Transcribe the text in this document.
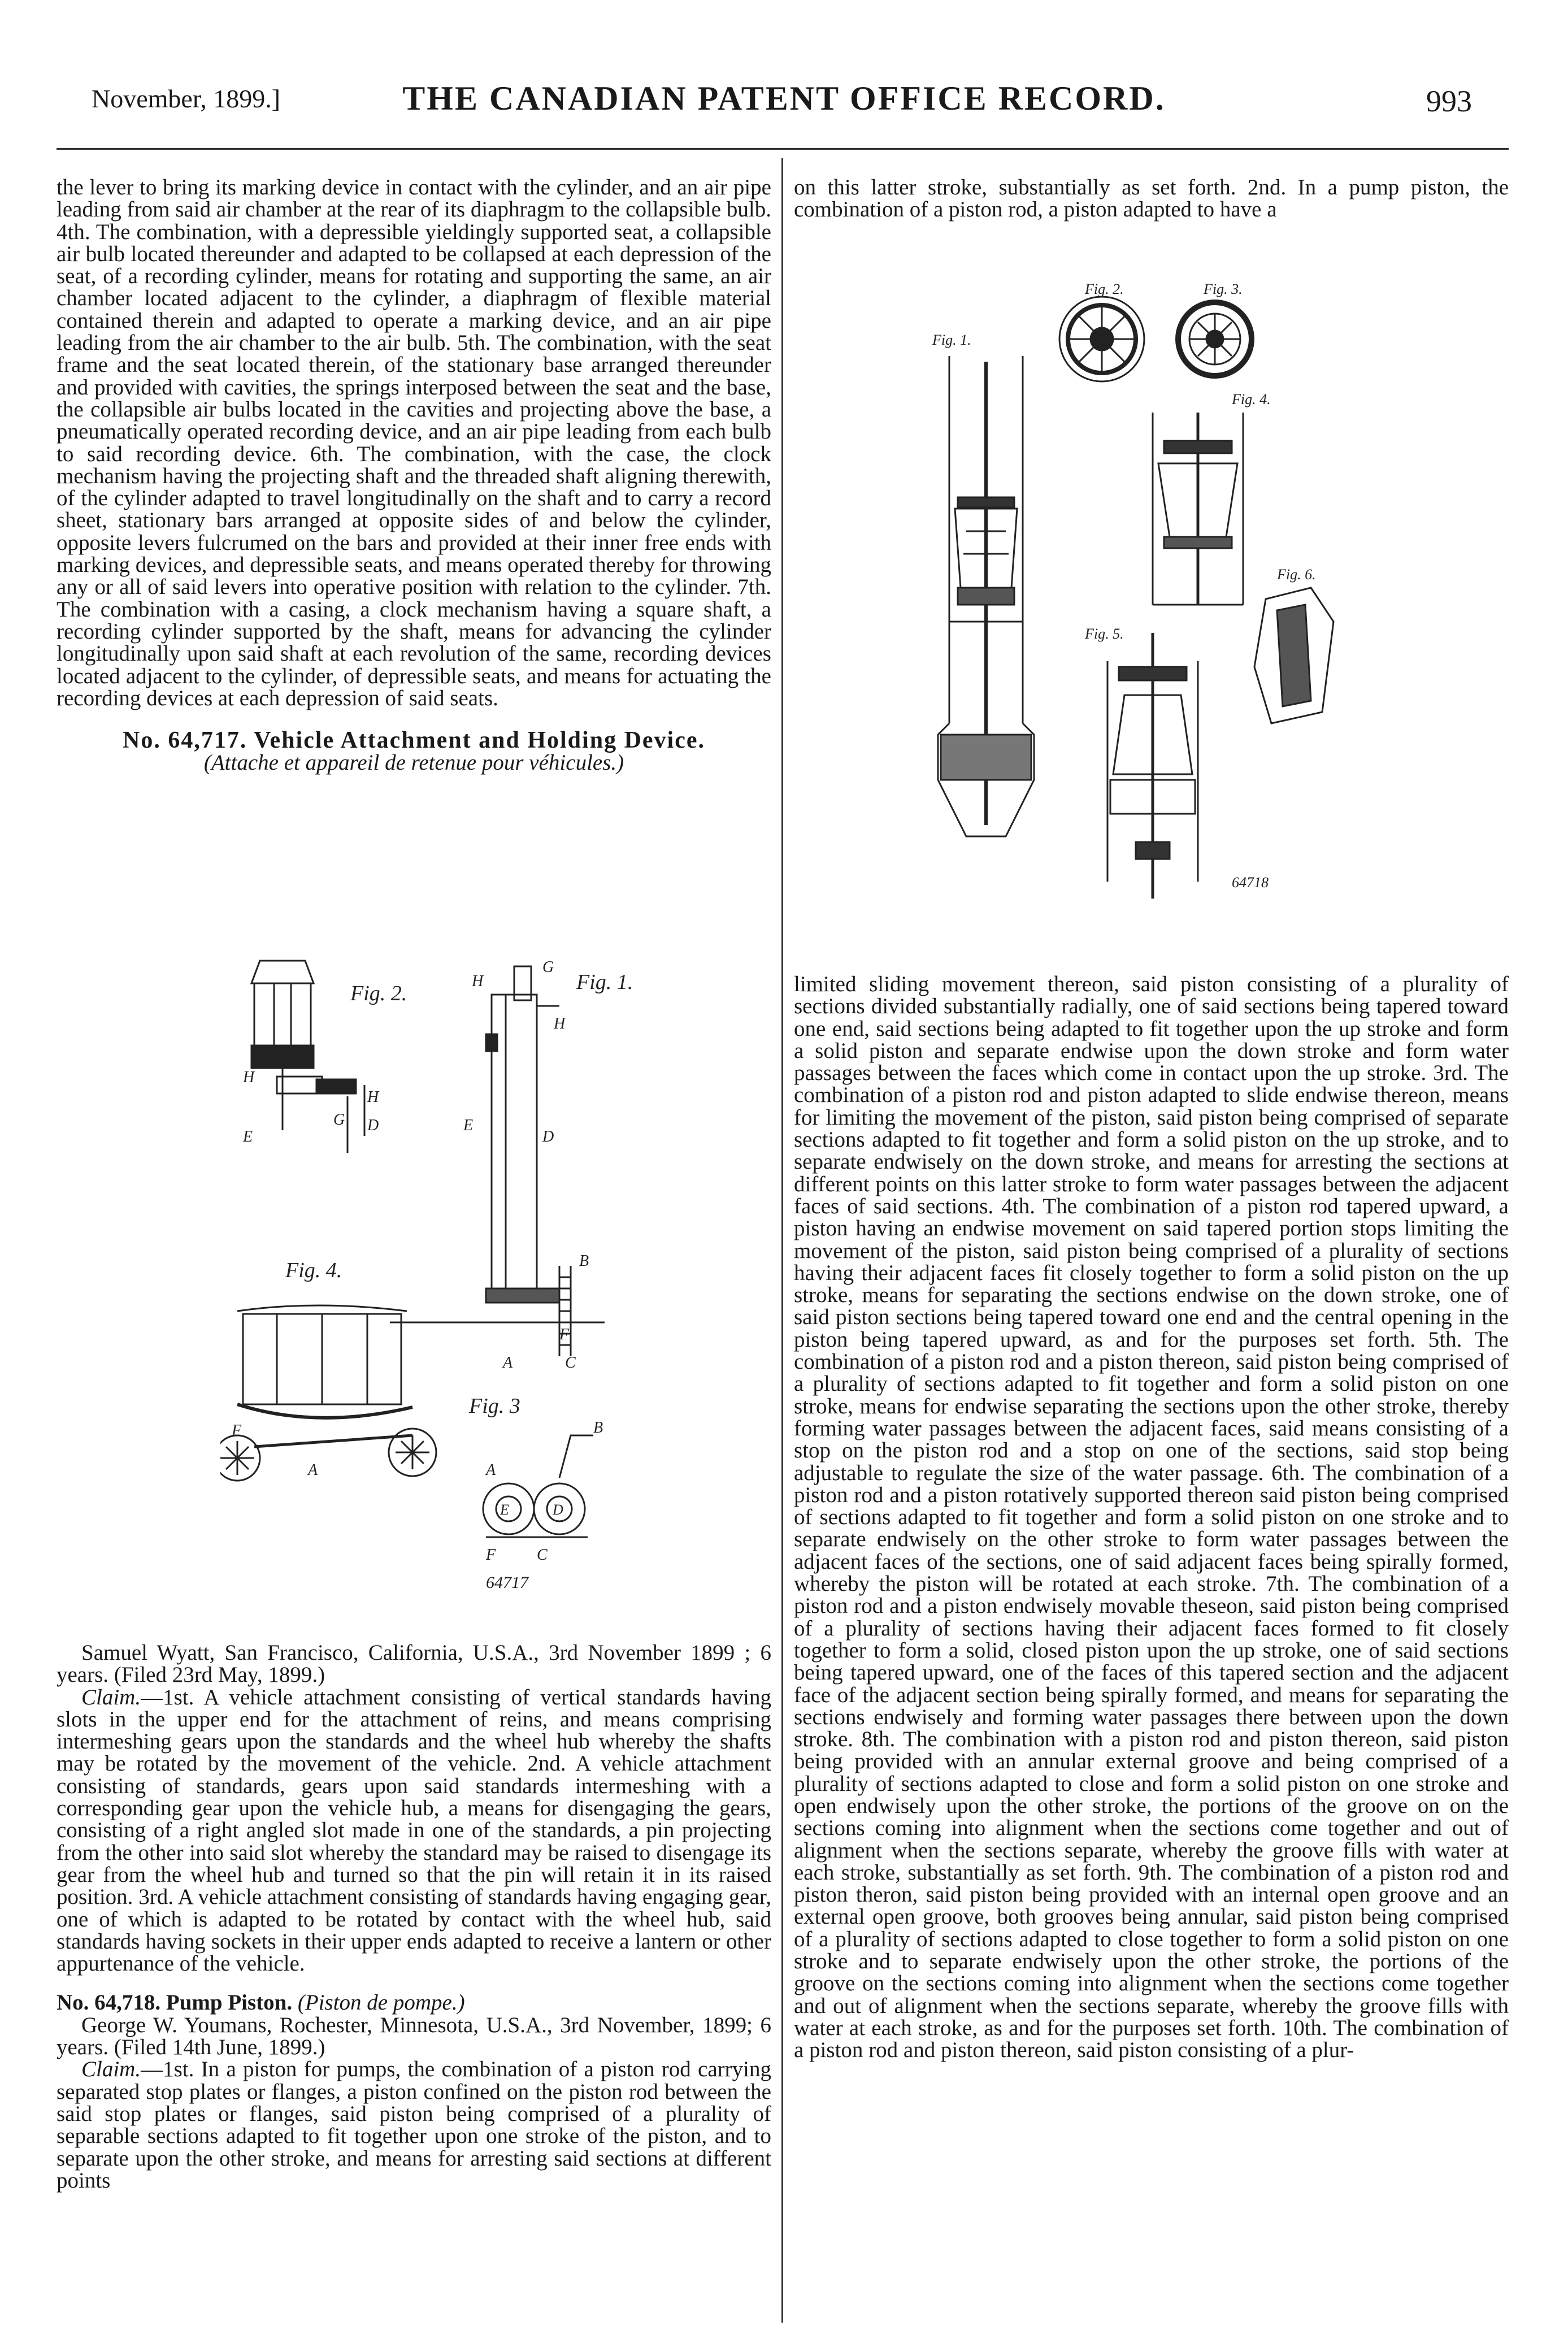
November, 1899.]	THE CANADIAN PATENT OFFICE RECORD.	993

the lever to bring its marking device in contact with the cylinder, and an air pipe leading from said air chamber at the rear of its diaphragm to the collapsible bulb. 4th. The combination, with a depressible yieldingly supported seat, a collapsible air bulb located thereunder and adapted to be collapsed at each depression of the seat, of a recording cylinder, means for rotating and supporting the same, an air chamber located adjacent to the cylinder, a diaphragm of flexible material contained therein and adapted to operate a marking device, and an air pipe leading from the air chamber to the air bulb. 5th. The combination, with the seat frame and the seat located therein, of the stationary base arranged thereunder and provided with cavities, the springs interposed between the seat and the base, the collapsible air bulbs located in the cavities and projecting above the base, a pneumatically operated recording device, and an air pipe leading from each bulb to said recording device. 6th. The combination, with the case, the clock mechanism having the projecting shaft and the threaded shaft aligning therewith, of the cylinder adapted to travel longitudinally on the shaft and to carry a record sheet, stationary bars arranged at opposite sides of and below the cylinder, opposite levers fulcrumed on the bars and provided at their inner free ends with marking devices, and depressible seats, and means operated thereby for throwing any or all of said levers into operative position with relation to the cylinder. 7th. The combination with a casing, a clock mechanism having a square shaft, a recording cylinder supported by the shaft, means for advancing the cylinder longitudinally upon said shaft at each revolution of the same, recording devices located adjacent to the cylinder, of depressible seats, and means for actuating the recording devices at each depression of said seats.

No. 64,717. Vehicle Attachment and Holding Device.

(Attache et appareil de retenue pour véhicules.)

Fig. 2.
H
H
E
G D
Fig. 1.
H
G
H
E
D
B
F
A	C
Fig. 4.
F
A
Fig. 3
E	D
A
B
F	C
64717

Samuel Wyatt, San Francisco, California, U.S.A., 3rd November 1899 ; 6 years. (Filed 23rd May, 1899.)

Claim.—1st. A vehicle attachment consisting of vertical standards having slots in the upper end for the attachment of reins, and means comprising intermeshing gears upon the standards and the wheel hub whereby the shafts may be rotated by the movement of the vehicle. 2nd. A vehicle attachment consisting of standards, gears upon said standards intermeshing with a corresponding gear upon the vehicle hub, a means for disengaging the gears, consisting of a right angled slot made in one of the standards, a pin projecting from the other into said slot whereby the standard may be raised to disengage its gear from the wheel hub and turned so that the pin will retain it in its raised position. 3rd. A vehicle attachment consisting of standards having engaging gear, one of which is adapted to be rotated by contact with the wheel hub, said standards having sockets in their upper ends adapted to receive a lantern or other appurtenance of the vehicle.

No. 64,718. Pump Piston. (Piston de pompe.)

George W. Youmans, Rochester, Minnesota, U.S.A., 3rd November, 1899; 6 years. (Filed 14th June, 1899.)

Claim.—1st. In a piston for pumps, the combination of a piston rod carrying separated stop plates or flanges, a piston confined on the piston rod between the said stop plates or flanges, said piston being comprised of a plurality of separable sections adapted to fit together upon one stroke of the piston, and to separate upon the other stroke, and means for arresting said sections at different points

on this latter stroke, substantially as set forth. 2nd. In a pump piston, the combination of a piston rod, a piston adapted to have a

Fig. 1.
Fig. 2.	Fig. 3.
Fig. 4.
Fig. 5.
Fig. 6.
64718

limited sliding movement thereon, said piston consisting of a plurality of sections divided substantially radially, one of said sections being tapered toward one end, said sections being adapted to fit together upon the up stroke and form a solid piston and separate endwise upon the down stroke and form water passages between the faces which come in contact upon the up stroke. 3rd. The combination of a piston rod and piston adapted to slide endwise thereon, means for limiting the movement of the piston, said piston being comprised of separate sections adapted to fit together and form a solid piston on the up stroke, and to separate endwisely on the down stroke, and means for arresting the sections at different points on this latter stroke to form water passages between the adjacent faces of said sections. 4th. The combination of a piston rod tapered upward, a piston having an endwise movement on said tapered portion stops limiting the movement of the piston, said piston being comprised of a plurality of sections having their adjacent faces fit closely together to form a solid piston on the up stroke, means for separating the sections endwise on the down stroke, one of said piston sections being tapered toward one end and the central opening in the piston being tapered upward, as and for the purposes set forth. 5th. The combination of a piston rod and a piston thereon, said piston being comprised of a plurality of sections adapted to fit together and form a solid piston on one stroke, means for endwise separating the sections upon the other stroke, thereby forming water passages between the adjacent faces, said means consisting of a stop on the piston rod and a stop on one of the sections, said stop being adjustable to regulate the size of the water passage. 6th. The combination of a piston rod and a piston rotatively supported thereon said piston being comprised of sections adapted to fit together and form a solid piston on one stroke and to separate endwisely on the other stroke to form water passages between the adjacent faces of the sections, one of said adjacent faces being spirally formed, whereby the piston will be rotated at each stroke. 7th. The combination of a piston rod and a piston endwisely movable theseon, said piston being comprised of a plurality of sections having their adjacent faces formed to fit closely together to form a solid, closed piston upon the up stroke, one of said sections being tapered upward, one of the faces of this tapered section and the adjacent face of the adjacent section being spirally formed, and means for separating the sections endwisely and forming water passages there between upon the down stroke. 8th. The combination with a piston rod and piston thereon, said piston being provided with an annular external groove and being comprised of a plurality of sections adapted to close and form a solid piston on one stroke and open endwisely upon the other stroke, the portions of the groove on on the sections coming into alignment when the sections come together and out of alignment when the sections separate, whereby the groove fills with water at each stroke, substantially as set forth. 9th. The combination of a piston rod and piston theron, said piston being provided with an internal open groove and an external open groove, both grooves being annular, said piston being comprised of a plurality of sections adapted to close together to form a solid piston on one stroke and to separate endwisely upon the other stroke, the portions of the groove on the sections coming into alignment when the sections come together and out of alignment when the sections separate, whereby the groove fills with water at each stroke, as and for the purposes set forth. 10th. The combination of a piston rod and piston thereon, said piston consisting of a plur-
